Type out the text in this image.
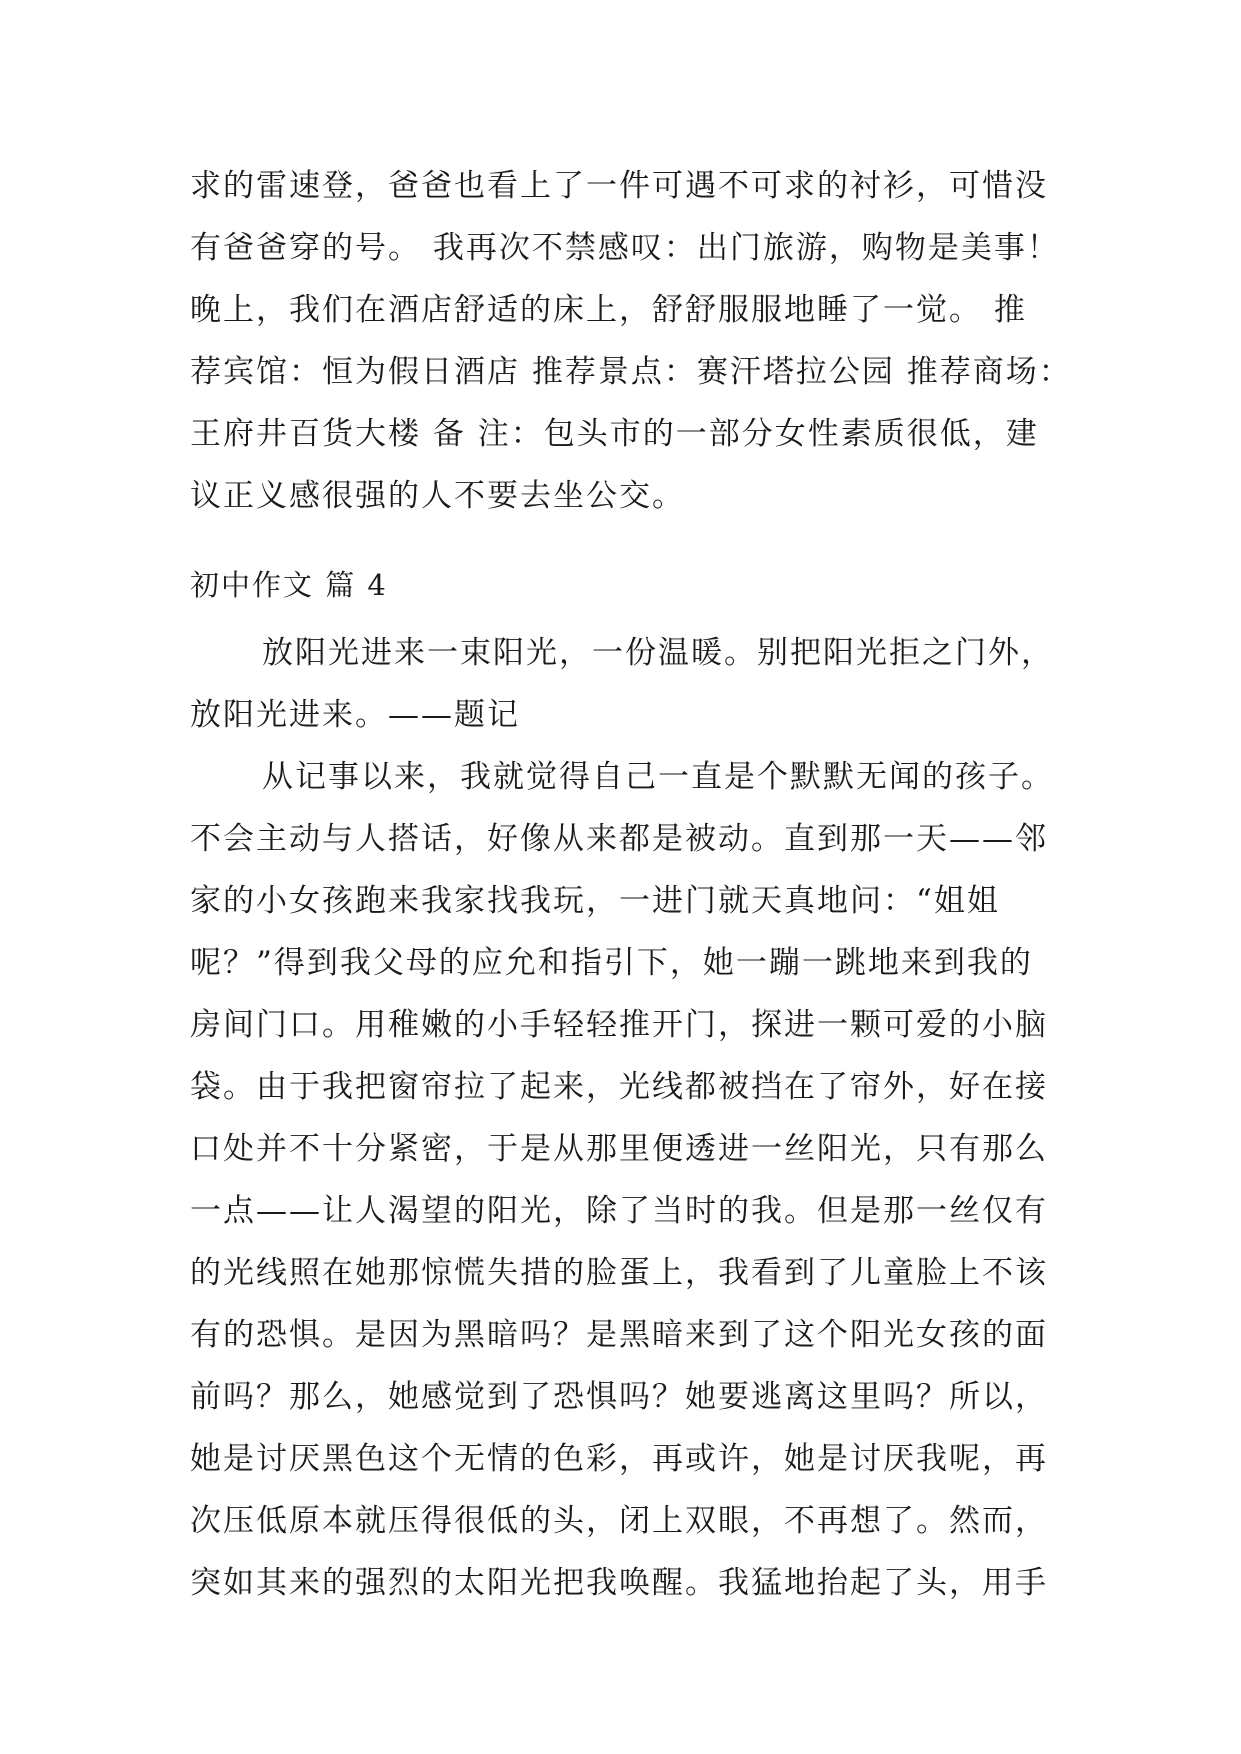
求的雷速登，爸爸也看上了一件可遇不可求的衬衫，可惜没
有爸爸穿的号。 我再次不禁感叹：出门旅游，购物是美事！
晚上，我们在酒店舒适的床上，舒舒服服地睡了一觉。 推
荐宾馆：恒为假日酒店 推荐景点：赛汗塔拉公园 推荐商场：
王府井百货大楼 备 注：包头市的一部分女性素质很低，建
议正义感很强的人不要去坐公交。
初中作文 篇 4
放阳光进来一束阳光，一份温暖。别把阳光拒之门外，
放阳光进来。——题记
从记事以来，我就觉得自己一直是个默默无闻的孩子。
不会主动与人搭话，好像从来都是被动。直到那一天——邻
家的小女孩跑来我家找我玩，一进门就天真地问：“姐姐
呢？”得到我父母的应允和指引下，她一蹦一跳地来到我的
房间门口。用稚嫩的小手轻轻推开门，探进一颗可爱的小脑
袋。由于我把窗帘拉了起来，光线都被挡在了帘外，好在接
口处并不十分紧密，于是从那里便透进一丝阳光，只有那么
一点——让人渴望的阳光，除了当时的我。但是那一丝仅有
的光线照在她那惊慌失措的脸蛋上，我看到了儿童脸上不该
有的恐惧。是因为黑暗吗？是黑暗来到了这个阳光女孩的面
前吗？那么，她感觉到了恐惧吗？她要逃离这里吗？所以，
她是讨厌黑色这个无情的色彩，再或许，她是讨厌我呢，再
次压低原本就压得很低的头，闭上双眼，不再想了。然而，
突如其来的强烈的太阳光把我唤醒。我猛地抬起了头，用手
